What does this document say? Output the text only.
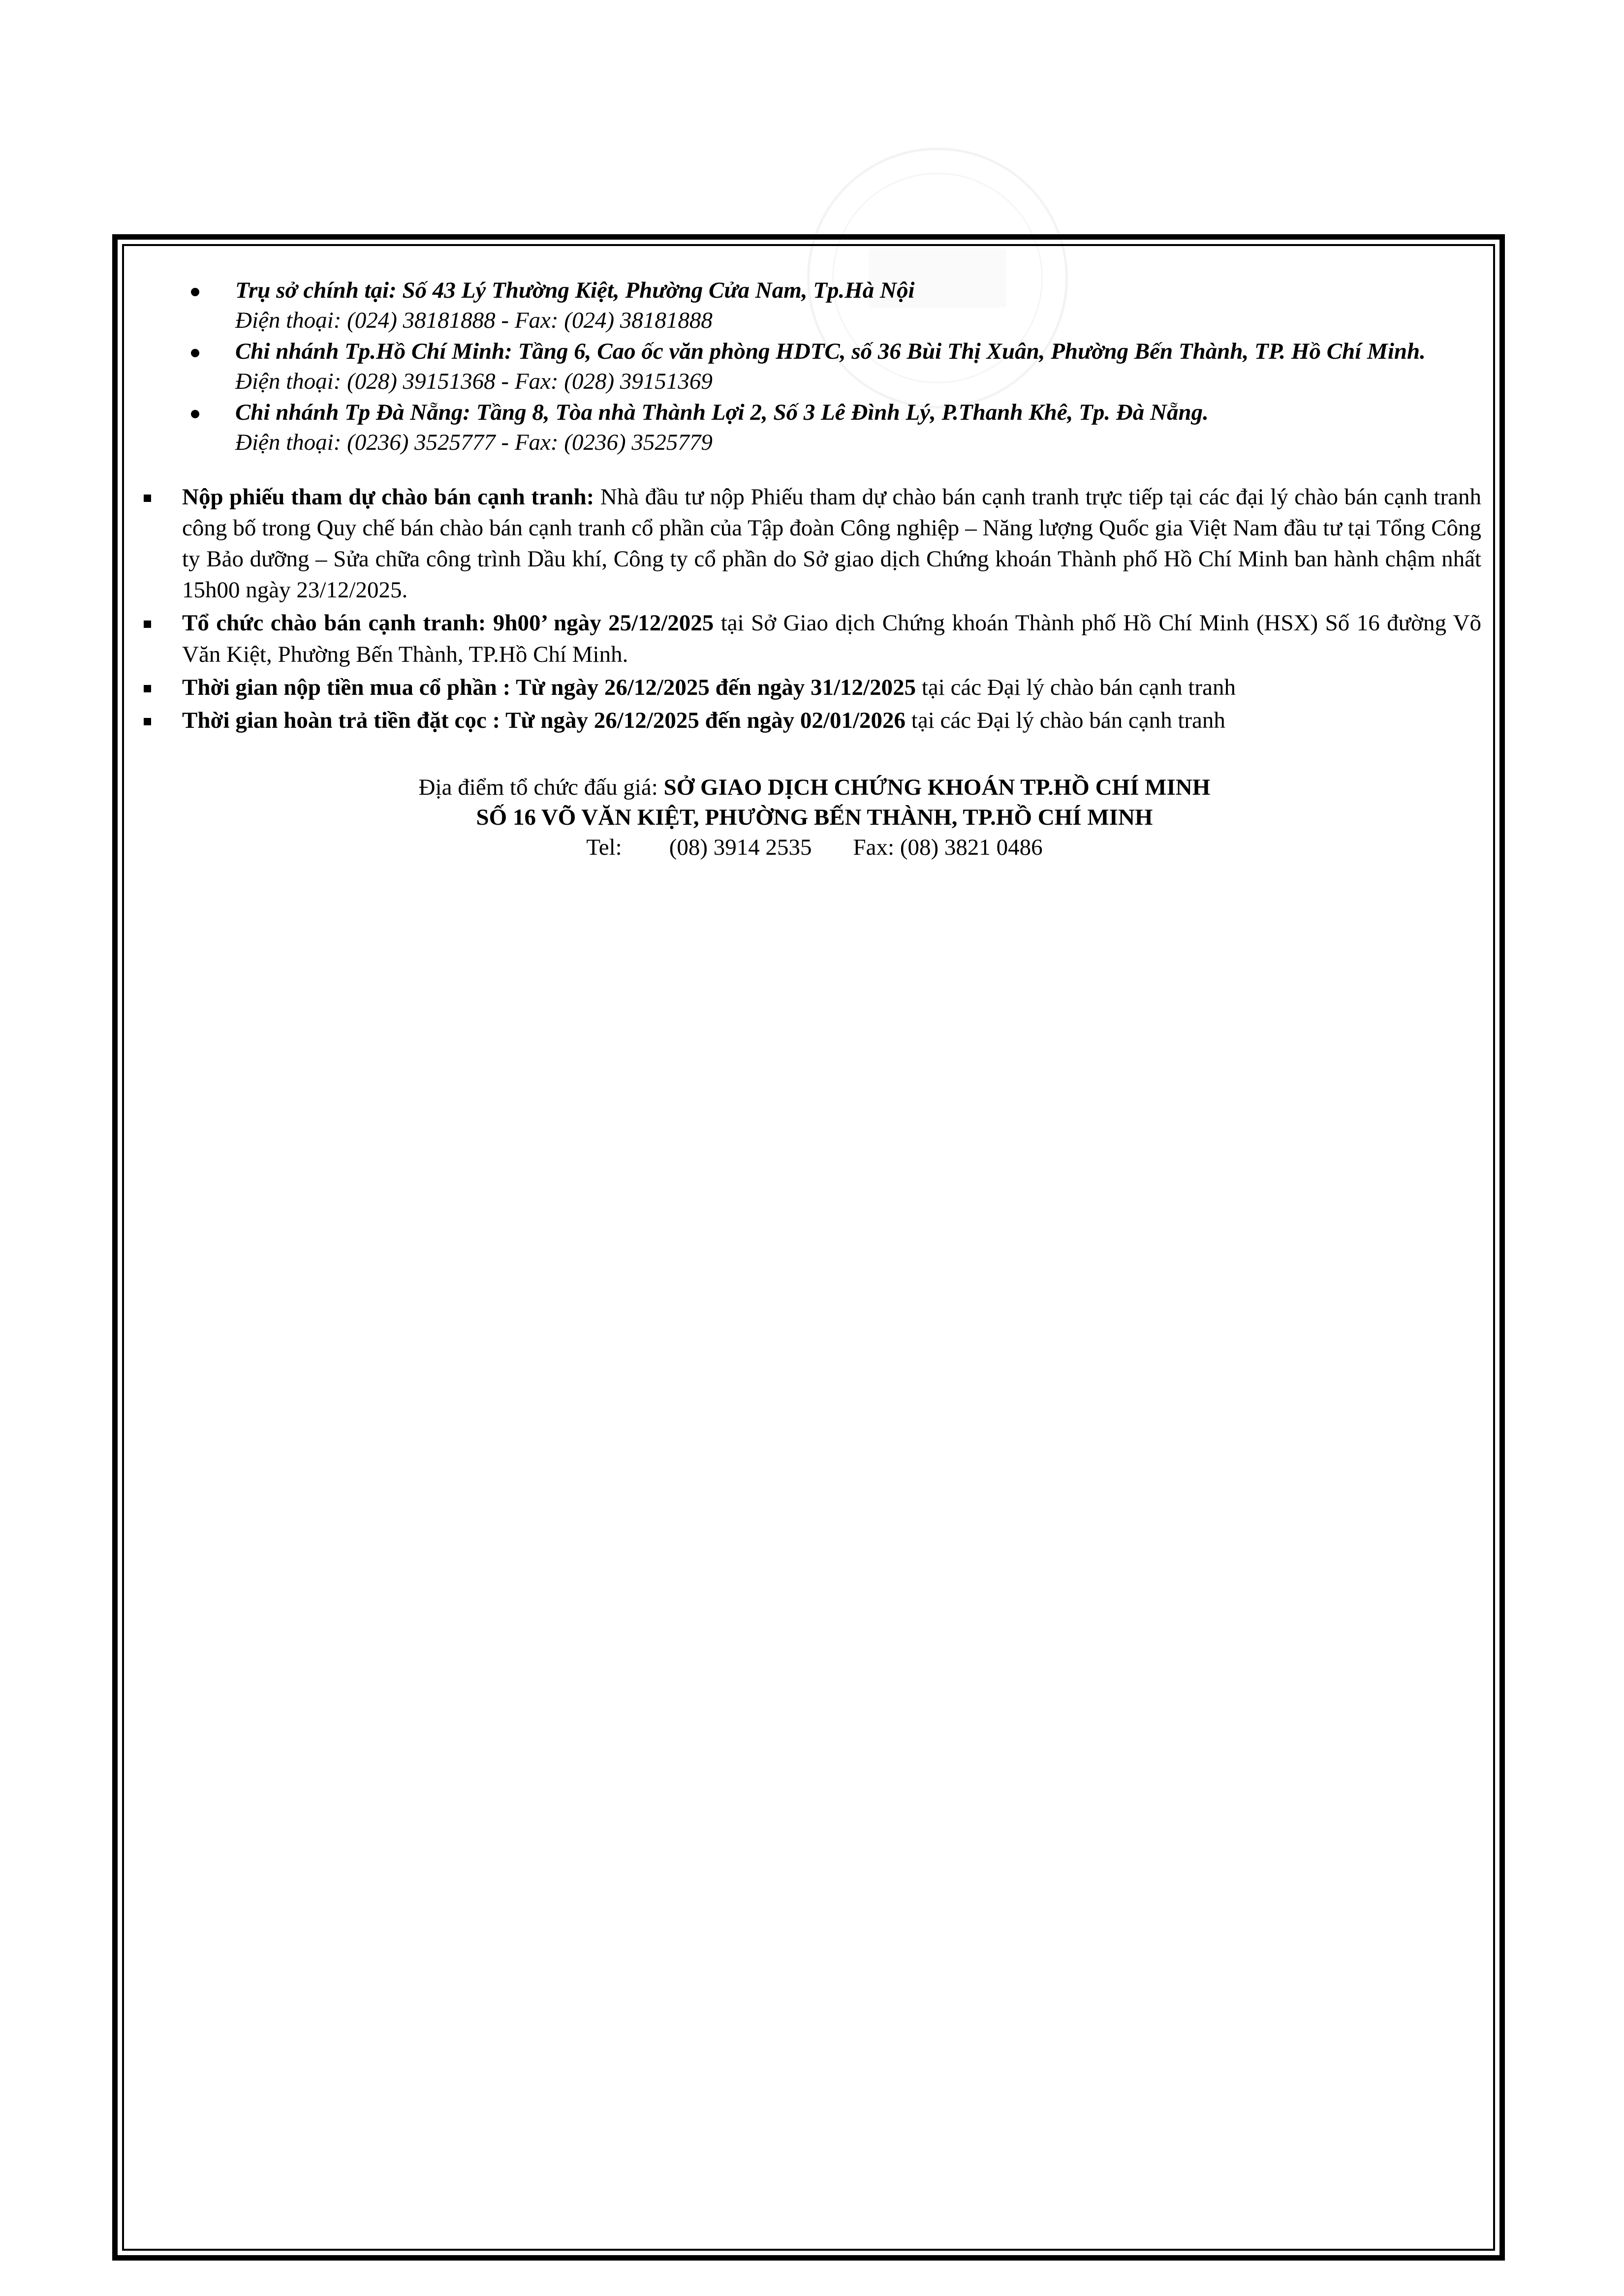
Trụ sở chính tại: Số 43 Lý Thường Kiệt, Phường Cửa Nam, Tp.Hà Nội
Điện thoại: (024) 38181888 - Fax: (024) 38181888
Chi nhánh Tp.Hồ Chí Minh: Tầng 6, Cao ốc văn phòng HDTC, số 36 Bùi Thị Xuân, Phường Bến Thành, TP. Hồ Chí Minh.
Điện thoại: (028) 39151368 - Fax: (028) 39151369
Chi nhánh Tp Đà Nẵng: Tầng 8, Tòa nhà Thành Lợi 2, Số 3 Lê Đình Lý, P.Thanh Khê, Tp. Đà Nẵng.
Điện thoại: (0236) 3525777 - Fax: (0236) 3525779
Nộp phiếu tham dự chào bán cạnh tranh: Nhà đầu tư nộp Phiếu tham dự chào bán cạnh tranh trực tiếp tại các đại lý chào bán cạnh tranh công bố trong Quy chế bán chào bán cạnh tranh cổ phần của Tập đoàn Công nghiệp – Năng lượng Quốc gia Việt Nam đầu tư tại Tổng Công ty Bảo dưỡng – Sửa chữa công trình Dầu khí, Công ty cổ phần do Sở giao dịch Chứng khoán Thành phố Hồ Chí Minh ban hành chậm nhất 15h00 ngày 23/12/2025.
Tổ chức chào bán cạnh tranh: 9h00’ ngày 25/12/2025 tại Sở Giao dịch Chứng khoán Thành phố Hồ Chí Minh (HSX) Số 16 đường Võ Văn Kiệt, Phường Bến Thành, TP.Hồ Chí Minh.
Thời gian nộp tiền mua cổ phần : Từ ngày 26/12/2025 đến ngày 31/12/2025 tại các Đại lý chào bán cạnh tranh
Thời gian hoàn trả tiền đặt cọc : Từ ngày 26/12/2025 đến ngày 02/01/2026 tại các Đại lý chào bán cạnh tranh
Địa điểm tổ chức đấu giá: SỞ GIAO DỊCH CHỨNG KHOÁN TP.HỒ CHÍ MINH
SỐ 16 VÕ VĂN KIỆT, PHƯỜNG BẾN THÀNH, TP.HỒ CHÍ MINH
Tel: (08) 3914 2535 Fax: (08) 3821 0486
